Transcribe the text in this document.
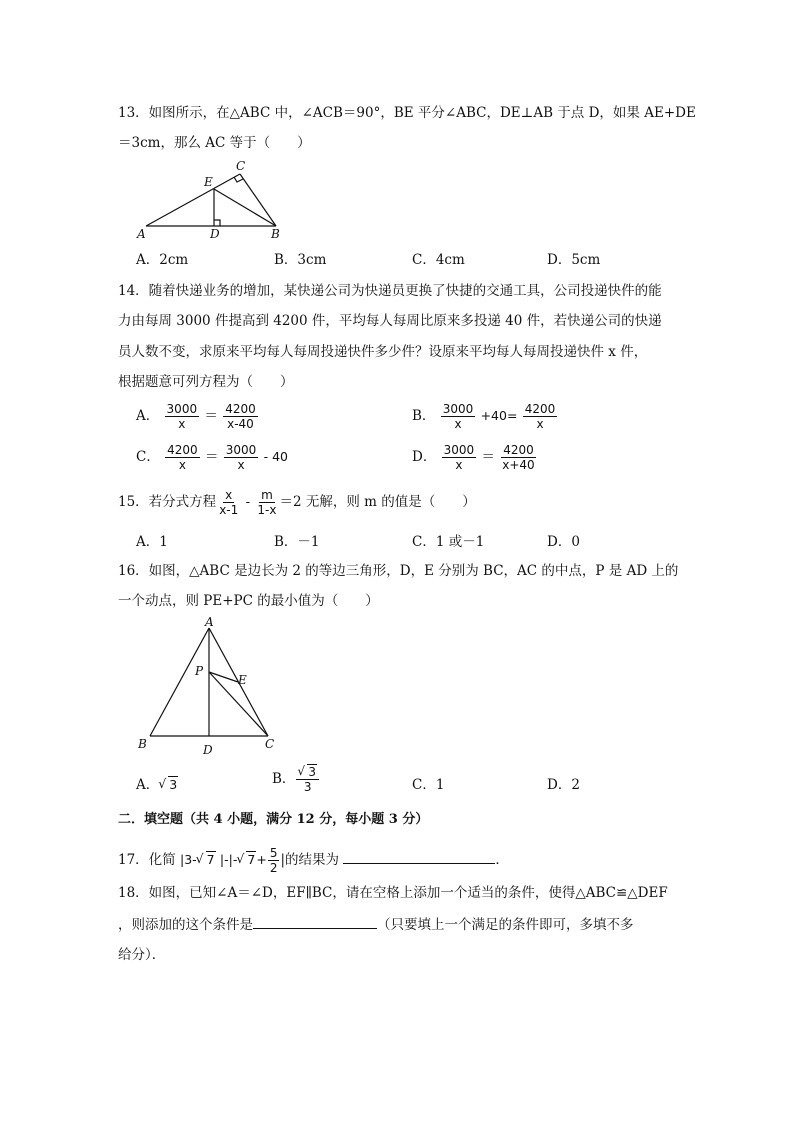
13．如图所示，在△ABC 中，∠ACB＝90°，BE 平分∠ABC，DE⊥AB 于点 D，如果 AE+DE
＝3cm，那么 AC 等于（　　）
A	B
C
D
E
A．2cm	B．3cm	C．4cm	D．5cm
14．随着快递业务的增加，某快递公司为快递员更换了快捷的交通工具，公司投递快件的能
力由每周 3000 件提高到 4200 件，平均每人每周比原来多投递 40 件，若快递公司的快递
员人数不变，求原来平均每人每周投递快件多少件？设原来平均每人每周投递快件 x 件，
根据题意可列方程为（　　）
A． $\frac{3000}{x} = \frac{4200}{x-40}$	B． $\frac{3000}{x} +40= \frac{4200}{x}$
C． $\frac{4200}{x} = \frac{3000}{x} - 40$	D． $\frac{3000}{x} = \frac{4200}{x+40}$
15．若分式方程 $\frac{x}{x-1} - \frac{m}{1-x} =2$ 无解，则 m 的值是（　　）
A．1	B．－1	C．1 或－1	D．0
16．如图，△ABC 是边长为 2 的等边三角形，D，E 分别为 BC，AC 的中点，P 是 AD 上的
一个动点，则 PE+PC 的最小值为（　　）
A
B	C
D
E
P
A． √ 3	B． √ $\frac{3}{3}$	C．1	D．2
二．填空题（共 4 小题，满分 12 分，每小题 3 分）
17．化简 |3- √ 7 |-|- √ $7+ \frac{5}{2}$ |的结果为	．
18．如图，已知∠A＝∠D，EF∥BC，请在空格上添加一个适当的条件，使得△ABC≌△DEF
，则添加的这个条件是	（只要填上一个满足的条件即可，多填不多
给分）．
